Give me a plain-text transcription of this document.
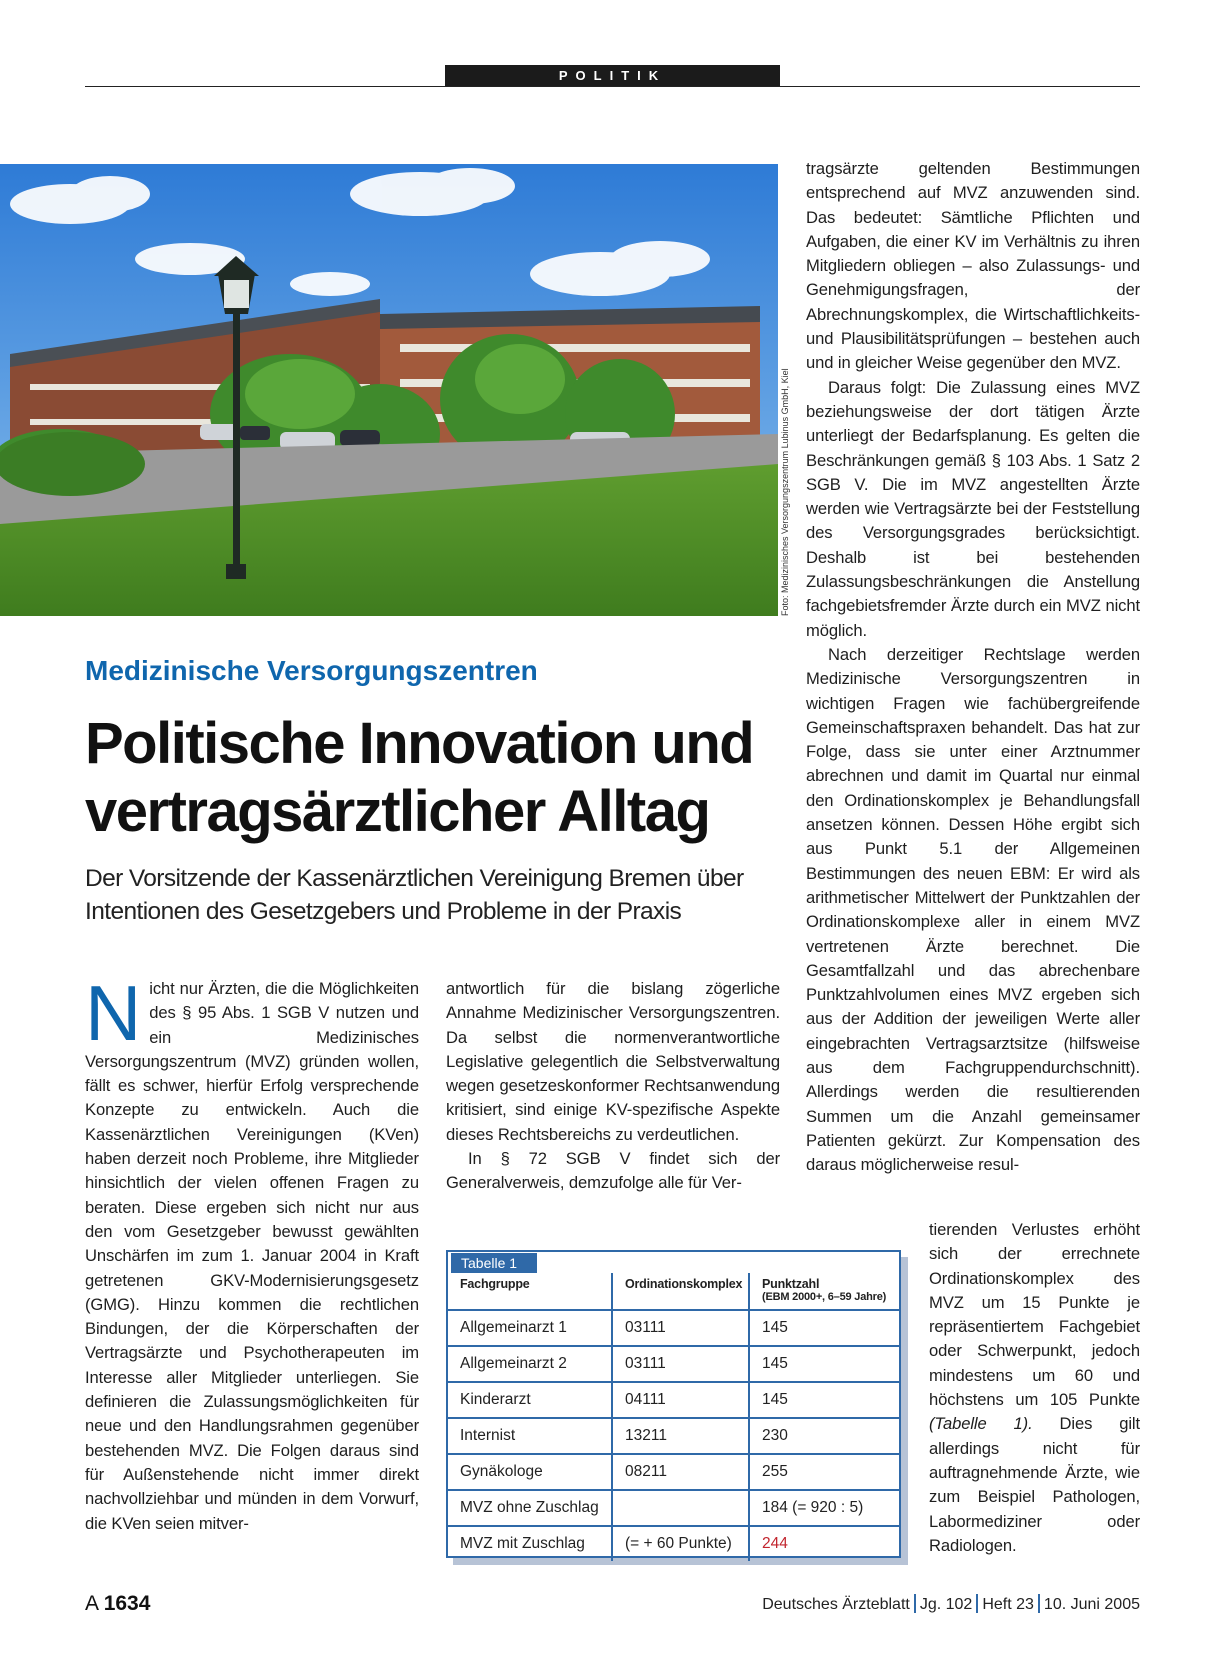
POLITIK
Foto: Medizinisches Versorgungszentrum Lubinus GmbH, Kiel
Medizinische Versorgungszentren
Politische Innovation und
vertragsärztlicher Alltag
Der Vorsitzende der Kassenärztlichen Vereinigung Bremen über Intentionen des Gesetzgebers und Probleme in der Praxis

Nicht nur Ärzten, die die Möglichkeiten des § 95 Abs. 1 SGB V nutzen und ein Medizinisches Versorgungszentrum (MVZ) gründen wollen, fällt es schwer, hierfür Erfolg versprechende Konzepte zu entwickeln. Auch die Kassenärztlichen Vereinigungen (KVen) haben derzeit noch Probleme, ihre Mitglieder hinsichtlich der vielen offenen Fragen zu beraten. Diese ergeben sich nicht nur aus den vom Gesetzgeber bewusst gewählten Unschärfen im zum 1. Januar 2004 in Kraft getretenen GKV-Modernisierungsgesetz (GMG). Hinzu kommen die rechtlichen Bindungen, der die Körperschaften der Vertragsärzte und Psychotherapeuten im Interesse aller Mitglieder unterliegen. Sie definieren die Zulassungsmöglichkeiten für neue und den Handlungsrahmen gegenüber bestehenden MVZ. Die Folgen daraus sind für Außenstehende nicht immer direkt nachvollziehbar und münden in dem Vorwurf, die KVen seien mitver-

antwortlich für die bislang zögerliche Annahme Medizinischer Versorgungszentren. Da selbst die normenverantwortliche Legislative gelegentlich die Selbstverwaltung wegen gesetzeskonformer Rechtsanwendung kritisiert, sind einige KV-spezifische Aspekte dieses Rechtsbereichs zu verdeutlichen.

In § 72 SGB V findet sich der Generalverweis, demzufolge alle für Ver-

tragsärzte geltenden Bestimmungen entsprechend auf MVZ anzuwenden sind. Das bedeutet: Sämtliche Pflichten und Aufgaben, die einer KV im Verhältnis zu ihren Mitgliedern obliegen – also Zulassungs- und Genehmigungsfragen, der Abrechnungskomplex, die Wirtschaftlichkeits- und Plausibilitätsprüfungen – bestehen auch und in gleicher Weise gegenüber den MVZ.

Daraus folgt: Die Zulassung eines MVZ beziehungsweise der dort tätigen Ärzte unterliegt der Bedarfsplanung. Es gelten die Beschränkungen gemäß § 103 Abs. 1 Satz 2 SGB V. Die im MVZ angestellten Ärzte werden wie Vertragsärzte bei der Feststellung des Versorgungsgrades berücksichtigt. Deshalb ist bei bestehenden Zulassungsbeschränkungen die Anstellung fachgebietsfremder Ärzte durch ein MVZ nicht möglich.

Nach derzeitiger Rechtslage werden Medizinische Versorgungszentren in wichtigen Fragen wie fachübergreifende Gemeinschaftspraxen behandelt. Das hat zur Folge, dass sie unter einer Arztnummer abrechnen und damit im Quartal nur einmal den Ordinationskomplex je Behandlungsfall ansetzen können. Dessen Höhe ergibt sich aus Punkt 5.1 der Allgemeinen Bestimmungen des neuen EBM: Er wird als arithmetischer Mittelwert der Punktzahlen der Ordinationskomplexe aller in einem MVZ vertretenen Ärzte berechnet. Die Gesamtfallzahl und das abrechenbare Punktzahlvolumen eines MVZ ergeben sich aus der Addition der jeweiligen Werte aller eingebrachten Vertragsarztsitze (hilfsweise aus dem Fachgruppendurchschnitt). Allerdings werden die resultierenden Summen um die Anzahl gemeinsamer Patienten gekürzt. Zur Kompensation des daraus möglicherweise resul-

tierenden Verlustes erhöht sich der errechnete Ordinationskomplex des MVZ um 15 Punkte je repräsentiertem Fachgebiet oder Schwerpunkt, jedoch mindestens um 60 und höchstens um 105 Punkte (Tabelle 1). Dies gilt allerdings nicht für auftragnehmende Ärzte, wie zum Beispiel Pathologen, Labormediziner oder Radiologen.

Tabelle 1
Fachgruppe	Ordinationskomplex	Punktzahl
(EBM 2000+, 6–59 Jahre)

Allgemeinarzt 1	03111	145
Allgemeinarzt 2	03111	145
Kinderarzt	04111	145
Internist	13211	230
Gynäkologe	08211	255
MVZ ohne Zuschlag		184 (= 920 : 5)
MVZ mit Zuschlag	(= + 60 Punkte)	244
A 1634	Deutsches Ärzteblatt Jg. 102 Heft 23 10. Juni 2005
